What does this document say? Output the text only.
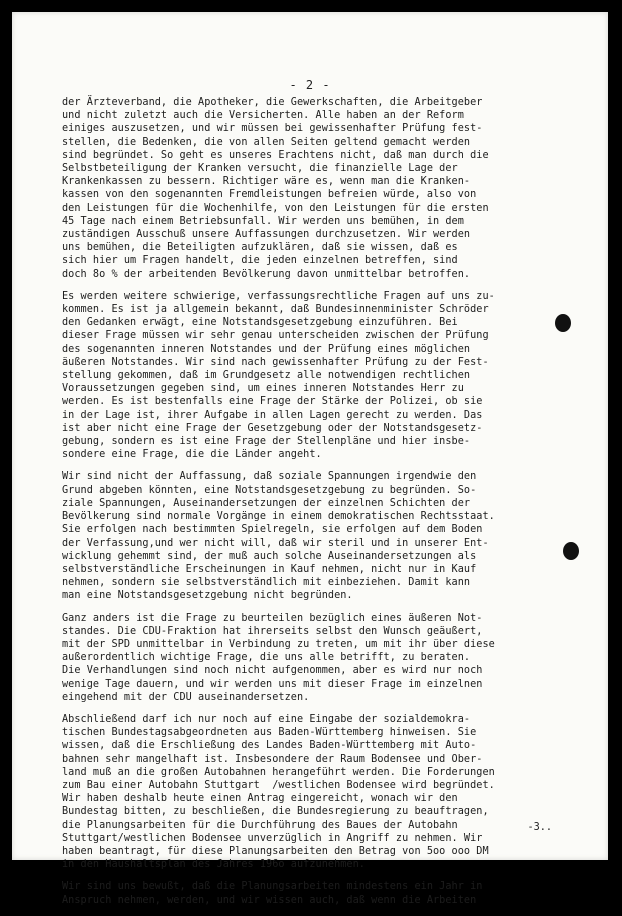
- 2 -
der Ärzteverband, die Apotheker, die Gewerkschaften, die Arbeitgeber
und nicht zuletzt auch die Versicherten. Alle haben an der Reform
einiges auszusetzen, und wir müssen bei gewissenhafter Prüfung fest-
stellen, die Bedenken, die von allen Seiten geltend gemacht werden
sind begründet. So geht es unseres Erachtens nicht, daß man durch die
Selbstbeteiligung der Kranken versucht, die finanzielle Lage der
Krankenkassen zu bessern. Richtiger wäre es, wenn man die Kranken-
kassen von den sogenannten Fremdleistungen befreien würde, also von
den Leistungen für die Wochenhilfe, von den Leistungen für die ersten
45 Tage nach einem Betriebsunfall. Wir werden uns bemühen, in dem
zuständigen Ausschuß unsere Auffassungen durchzusetzen. Wir werden
uns bemühen, die Beteiligten aufzuklären, daß sie wissen, daß es
sich hier um Fragen handelt, die jeden einzelnen betreffen, sind
doch 8o % der arbeitenden Bevölkerung davon unmittelbar betroffen.
Es werden weitere schwierige, verfassungsrechtliche Fragen auf uns zu-
kommen. Es ist ja allgemein bekannt, daß Bundesinnenminister Schröder
den Gedanken erwägt, eine Notstandsgesetzgebung einzuführen. Bei
dieser Frage müssen wir sehr genau unterscheiden zwischen der Prüfung
des sogenannten inneren Notstandes und der Prüfung eines möglichen
äußeren Notstandes. Wir sind nach gewissenhafter Prüfung zu der Fest-
stellung gekommen, daß im Grundgesetz alle notwendigen rechtlichen
Voraussetzungen gegeben sind, um eines inneren Notstandes Herr zu
werden. Es ist bestenfalls eine Frage der Stärke der Polizei, ob sie
in der Lage ist, ihrer Aufgabe in allen Lagen gerecht zu werden. Das
ist aber nicht eine Frage der Gesetzgebung oder der Notstandsgesetz-
gebung, sondern es ist eine Frage der Stellenpläne und hier insbe-
sondere eine Frage, die die Länder angeht.
Wir sind nicht der Auffassung, daß soziale Spannungen irgendwie den
Grund abgeben könnten, eine Notstandsgesetzgebung zu begründen. So-
ziale Spannungen, Auseinandersetzungen der einzelnen Schichten der
Bevölkerung sind normale Vorgänge in einem demokratischen Rechtsstaat.
Sie erfolgen nach bestimmten Spielregeln, sie erfolgen auf dem Boden
der Verfassung,und wer nicht will, daß wir steril und in unserer Ent-
wicklung gehemmt sind, der muß auch solche Auseinandersetzungen als
selbstverständliche Erscheinungen in Kauf nehmen, nicht nur in Kauf
nehmen, sondern sie selbstverständlich mit einbeziehen. Damit kann
man eine Notstandsgesetzgebung nicht begründen.
Ganz anders ist die Frage zu beurteilen bezüglich eines äußeren Not-
standes. Die CDU-Fraktion hat ihrerseits selbst den Wunsch geäußert,
mit der SPD unmittelbar in Verbindung zu treten, um mit ihr über diese
außerordentlich wichtige Frage, die uns alle betrifft, zu beraten.
Die Verhandlungen sind noch nicht aufgenommen, aber es wird nur noch
wenige Tage dauern, und wir werden uns mit dieser Frage im einzelnen
eingehend mit der CDU auseinandersetzen.
Abschließend darf ich nur noch auf eine Eingabe der sozialdemokra-
tischen Bundestagsabgeordneten aus Baden-Württemberg hinweisen. Sie
wissen, daß die Erschließung des Landes Baden-Württemberg mit Auto-
bahnen sehr mangelhaft ist. Insbesondere der Raum Bodensee und Ober-
land muß an die großen Autobahnen herangeführt werden. Die Forderungen
zum Bau einer Autobahn Stuttgart  /westlichen Bodensee wird begründet.
Wir haben deshalb heute einen Antrag eingereicht, wonach wir den
Bundestag bitten, zu beschließen, die Bundesregierung zu beauftragen,
die Planungsarbeiten für die Durchführung des Baues der Autobahn
Stuttgart/westlichen Bodensee unverzüglich in Angriff zu nehmen. Wir
haben beantragt, für diese Planungsarbeiten den Betrag von 5oo ooo DM
in den Haushaltsplan des Jahres 196o aufzunehmen.
Wir sind uns bewußt, daß die Planungsarbeiten mindestens ein Jahr in
Anspruch nehmen, werden, und wir wissen auch, daß wenn die Arbeiten
-3..
